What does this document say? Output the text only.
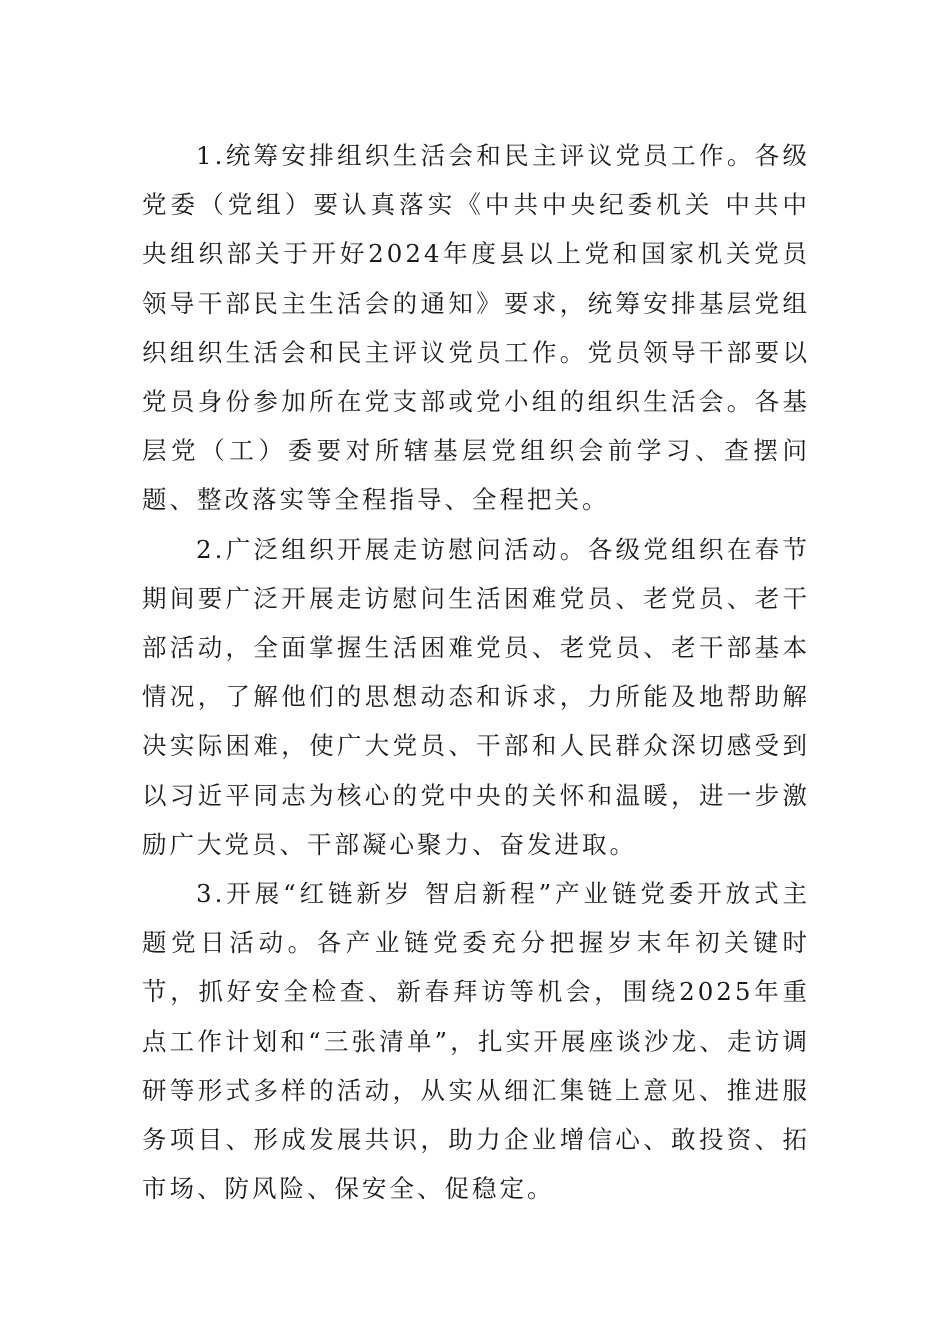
1.统筹安排组织生活会和民主评议党员工作。各级党委（党组）要认真落实《中共中央纪委机关 中共中央组织部关于开好2024年度县以上党和国家机关党员领导干部民主生活会的通知》要求，统筹安排基层党组织组织生活会和民主评议党员工作。党员领导干部要以党员身份参加所在党支部或党小组的组织生活会。各基层党（工）委要对所辖基层党组织会前学习、查摆问题、整改落实等全程指导、全程把关。

2.广泛组织开展走访慰问活动。各级党组织在春节期间要广泛开展走访慰问生活困难党员、老党员、老干部活动，全面掌握生活困难党员、老党员、老干部基本情况，了解他们的思想动态和诉求，力所能及地帮助解决实际困难，使广大党员、干部和人民群众深切感受到以习近平同志为核心的党中央的关怀和温暖，进一步激励广大党员、干部凝心聚力、奋发进取。

3.开展“红链新岁 智启新程”产业链党委开放式主题党日活动。各产业链党委充分把握岁末年初关键时节，抓好安全检查、新春拜访等机会，围绕2025年重点工作计划和“三张清单”，扎实开展座谈沙龙、走访调研等形式多样的活动，从实从细汇集链上意见、推进服务项目、形成发展共识，助力企业增信心、敢投资、拓市场、防风险、保安全、促稳定。
